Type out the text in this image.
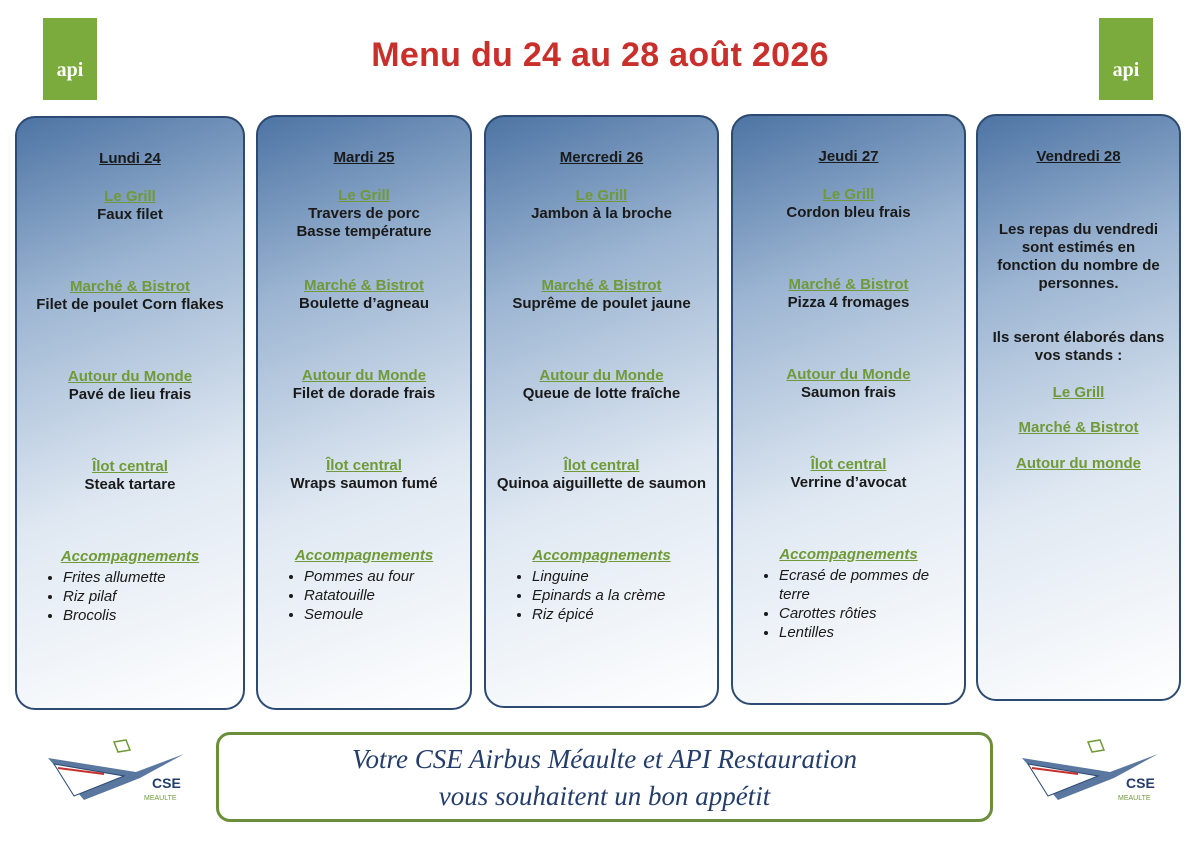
api	api
Menu du 24 au 28 août 2026
Lundi 24
Le Grill
Faux filet
Marché & Bistrot
Filet de poulet Corn flakes
Autour du Monde
Pavé de lieu frais
Îlot central
Steak tartare
Accompagnements
• Frites allumette
• Riz pilaf
• Brocolis
Mardi 25
Le Grill
Travers de porc
Basse température
Marché & Bistrot
Boulette d’agneau
Autour du Monde
Filet de dorade frais
Îlot central
Wraps saumon fumé
Accompagnements
• Pommes au four
• Ratatouille
• Semoule
Mercredi 26
Le Grill
Jambon à la broche
Marché & Bistrot
Suprême de poulet jaune
Autour du Monde
Queue de lotte fraîche
Îlot central
Quinoa aiguillette de saumon
Accompagnements
• Linguine
• Epinards a la crème
• Riz épicé
Jeudi 27
Le Grill
Cordon bleu frais
Marché & Bistrot
Pizza 4 fromages
Autour du Monde
Saumon frais
Îlot central
Verrine d’avocat
Accompagnements
• Ecrasé de pommes de terre
• Carottes rôties
• Lentilles
Vendredi 28
Les repas du vendredi
sont estimés en
fonction du nombre de
personnes.
Ils seront élaborés dans
vos stands :
Le Grill
Marché & Bistrot
Autour du monde
Votre CSE Airbus Méaulte et API Restauration
vous souhaitent un bon appétit
CSE
MEAULTE
CSE
MEAULTE
